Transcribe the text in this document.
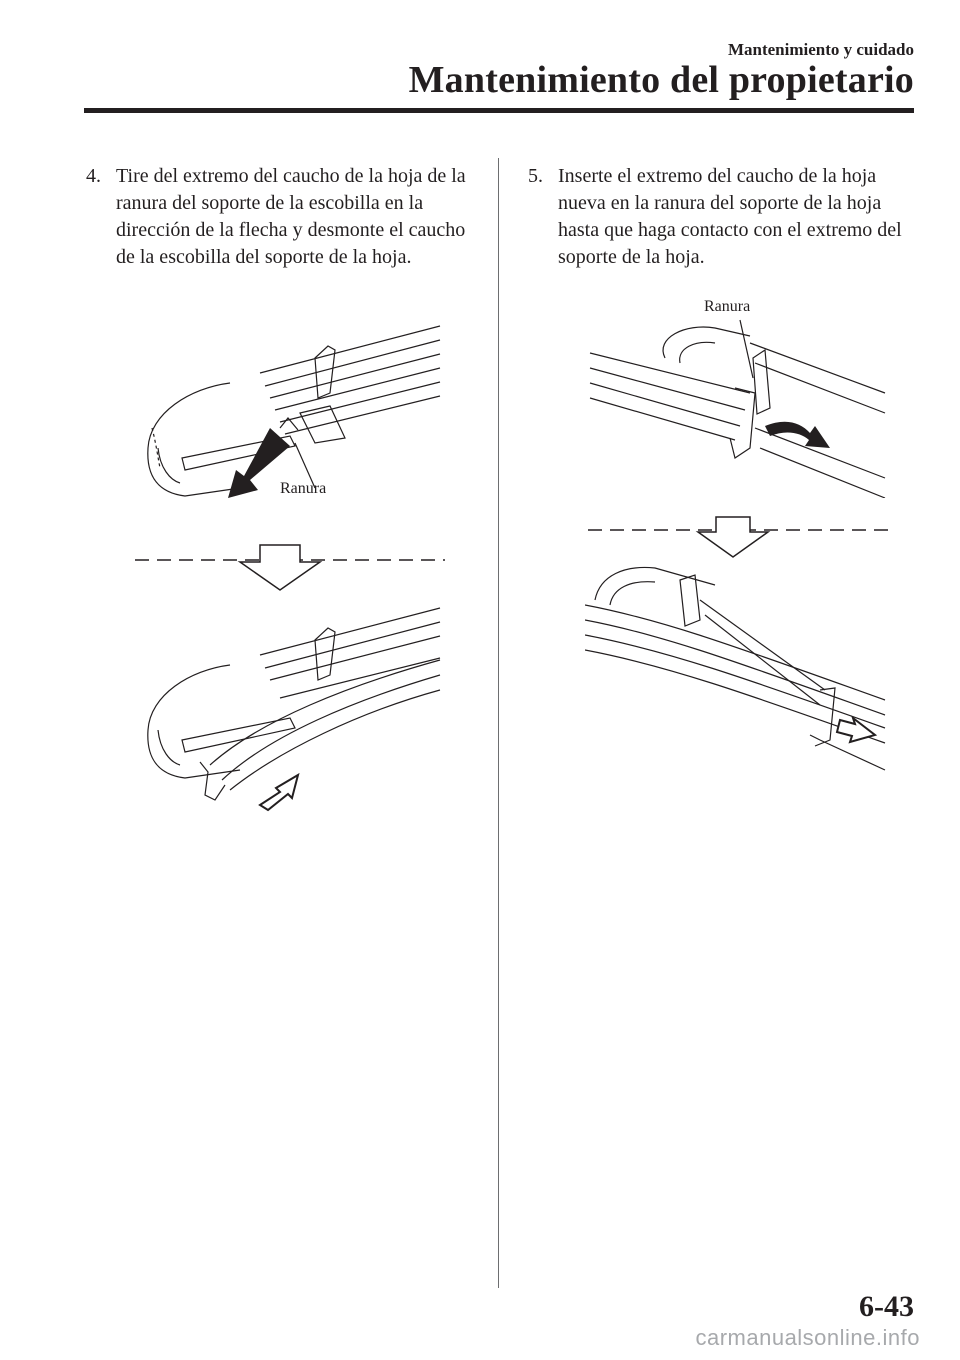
Mantenimiento y cuidado
Mantenimiento del propietario
4. Tire del extremo del caucho de la hoja de la ranura del soporte de la escobilla en la dirección de la flecha y desmonte el caucho de la escobilla del soporte de la hoja.
Ranura
5. Inserte el extremo del caucho de la hoja nueva en la ranura del soporte de la hoja hasta que haga contacto con el extremo del soporte de la hoja.
Ranura
6-43
carmanualsonline.info
